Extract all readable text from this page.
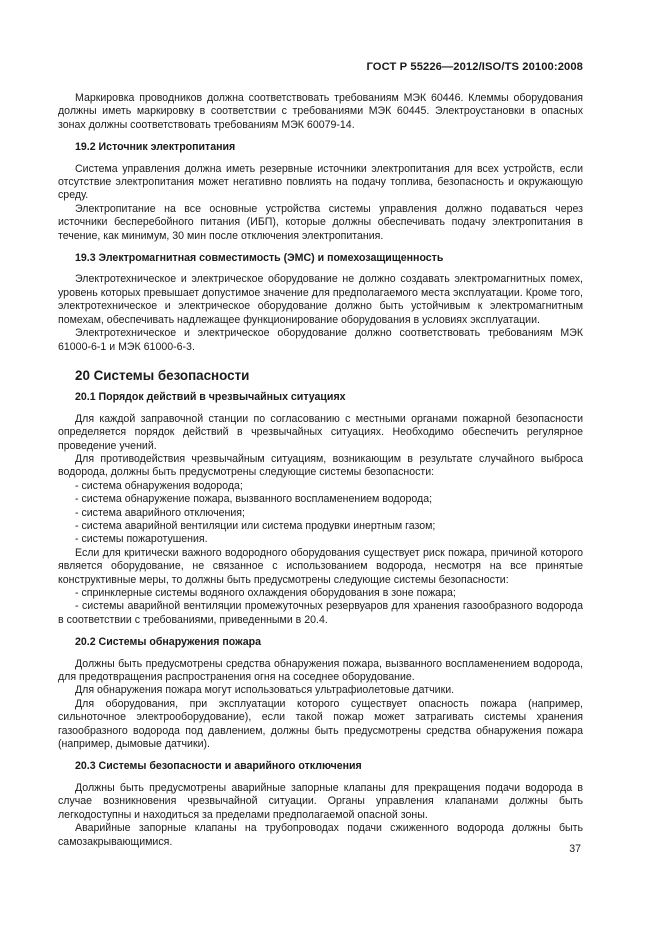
ГОСТ Р 55226—2012/ISO/TS 20100:2008

Маркировка проводников должна соответствовать требованиям МЭК 60446. Клеммы оборудования должны иметь маркировку в соответствии с требованиями МЭК 60445. Электроустановки в опасных зонах должны соответствовать требованиям МЭК 60079-14.

19.2 Источник электропитания

Система управления должна иметь резервные источники электропитания для всех устройств, если отсутствие электропитания может негативно повлиять на подачу топлива, безопасность и окружающую среду.

Электропитание на все основные устройства системы управления должно подаваться через источники бесперебойного питания (ИБП), которые должны обеспечивать подачу электропитания в течение, как минимум, 30 мин после отключения электропитания.

19.3 Электромагнитная совместимость (ЭМС) и помехозащищенность

Электротехническое и электрическое оборудование не должно создавать электромагнитных помех, уровень которых превышает допустимое значение для предполагаемого места эксплуатации. Кроме того, электротехническое и электрическое оборудование должно быть устойчивым к электромагнитным помехам, обеспечивать надлежащее функционирование оборудования в условиях эксплуатации.

Электротехническое и электрическое оборудование должно соответствовать требованиям МЭК 61000-6-1 и МЭК 61000-6-3.

20 Системы безопасности

20.1 Порядок действий в чрезвычайных ситуациях

Для каждой заправочной станции по согласованию с местными органами пожарной безопасности определяется порядок действий в чрезвычайных ситуациях. Необходимо обеспечить регулярное проведение учений.

Для противодействия чрезвычайным ситуациям, возникающим в результате случайного выброса водорода, должны быть предусмотрены следующие системы безопасности:

- система обнаружения водорода;

- система обнаружение пожара, вызванного воспламенением водорода;

- система аварийного отключения;

- система аварийной вентиляции или система продувки инертным газом;

- системы пожаротушения.

Если для критически важного водородного оборудования существует риск пожара, причиной которого является оборудование, не связанное с использованием водорода, несмотря на все принятые конструктивные меры, то должны быть предусмотрены следующие системы безопасности:

- спринклерные системы водяного охлаждения оборудования в зоне пожара;

- системы аварийной вентиляции промежуточных резервуаров для хранения газообразного водорода в соответствии с требованиями, приведенными в 20.4.

20.2 Системы обнаружения пожара

Должны быть предусмотрены средства обнаружения пожара, вызванного воспламенением водорода, для предотвращения распространения огня на соседнее оборудование.

Для обнаружения пожара могут использоваться ультрафиолетовые датчики.

Для оборудования, при эксплуатации которого существует опасность пожара (например, сильноточное электрооборудование), если такой пожар может затрагивать системы хранения газообразного водорода под давлением, должны быть предусмотрены средства обнаружения пожара (например, дымовые датчики).

20.3 Системы безопасности и аварийного отключения

Должны быть предусмотрены аварийные запорные клапаны для прекращения подачи водорода в случае возникновения чрезвычайной ситуации. Органы управления клапанами должны быть легкодоступны и находиться за пределами предполагаемой опасной зоны.

Аварийные запорные клапаны на трубопроводах подачи сжиженного водорода должны быть самозакрывающимися.

37
